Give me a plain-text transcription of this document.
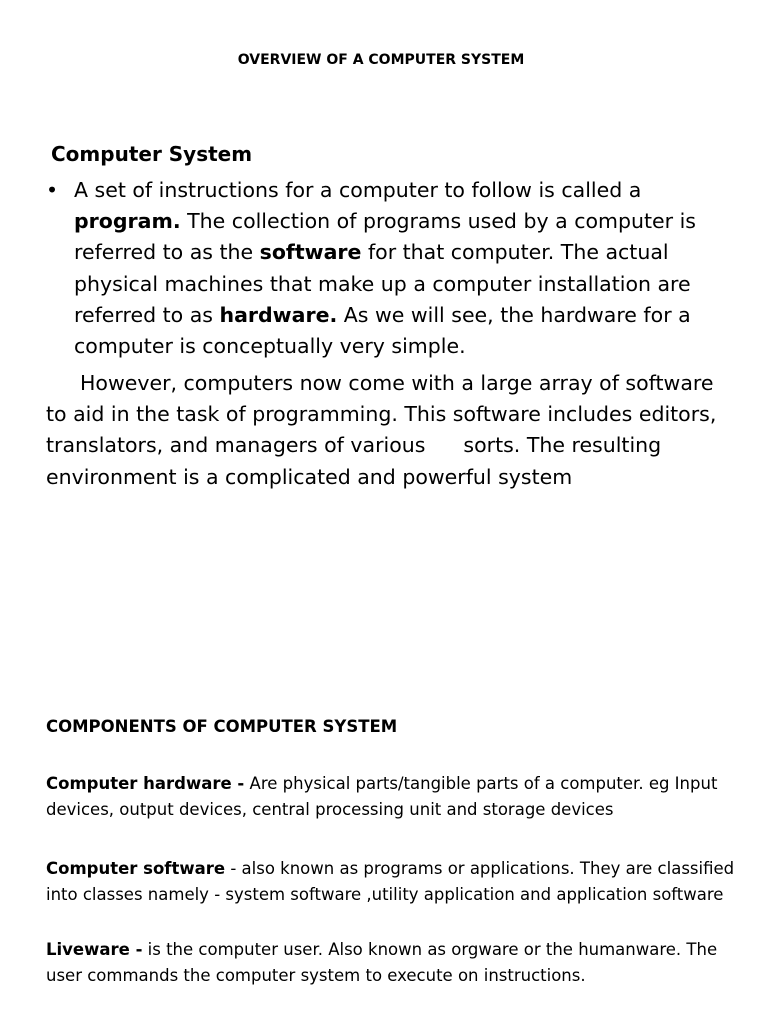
OVERVIEW OF A COMPUTER SYSTEM
Computer System
• A set of instructions for a computer to follow is called a program. The collection of programs used by a computer is referred to as the software for that computer. The actual physical machines that make up a computer installation are referred to as hardware. As we will see, the hardware for a computer is conceptually very simple.
However, computers now come with a large array of software to aid in the task of programming. This software includes editors, translators, and managers of various sorts. The resulting environment is a complicated and powerful system
COMPONENTS OF COMPUTER SYSTEM
Computer hardware - Are physical parts/tangible parts of a computer. eg Input devices, output devices, central processing unit and storage devices
Computer software - also known as programs or applications. They are classified into classes namely - system software ,utility application and application software
Liveware - is the computer user. Also known as orgware or the humanware. The user commands the computer system to execute on instructions.
